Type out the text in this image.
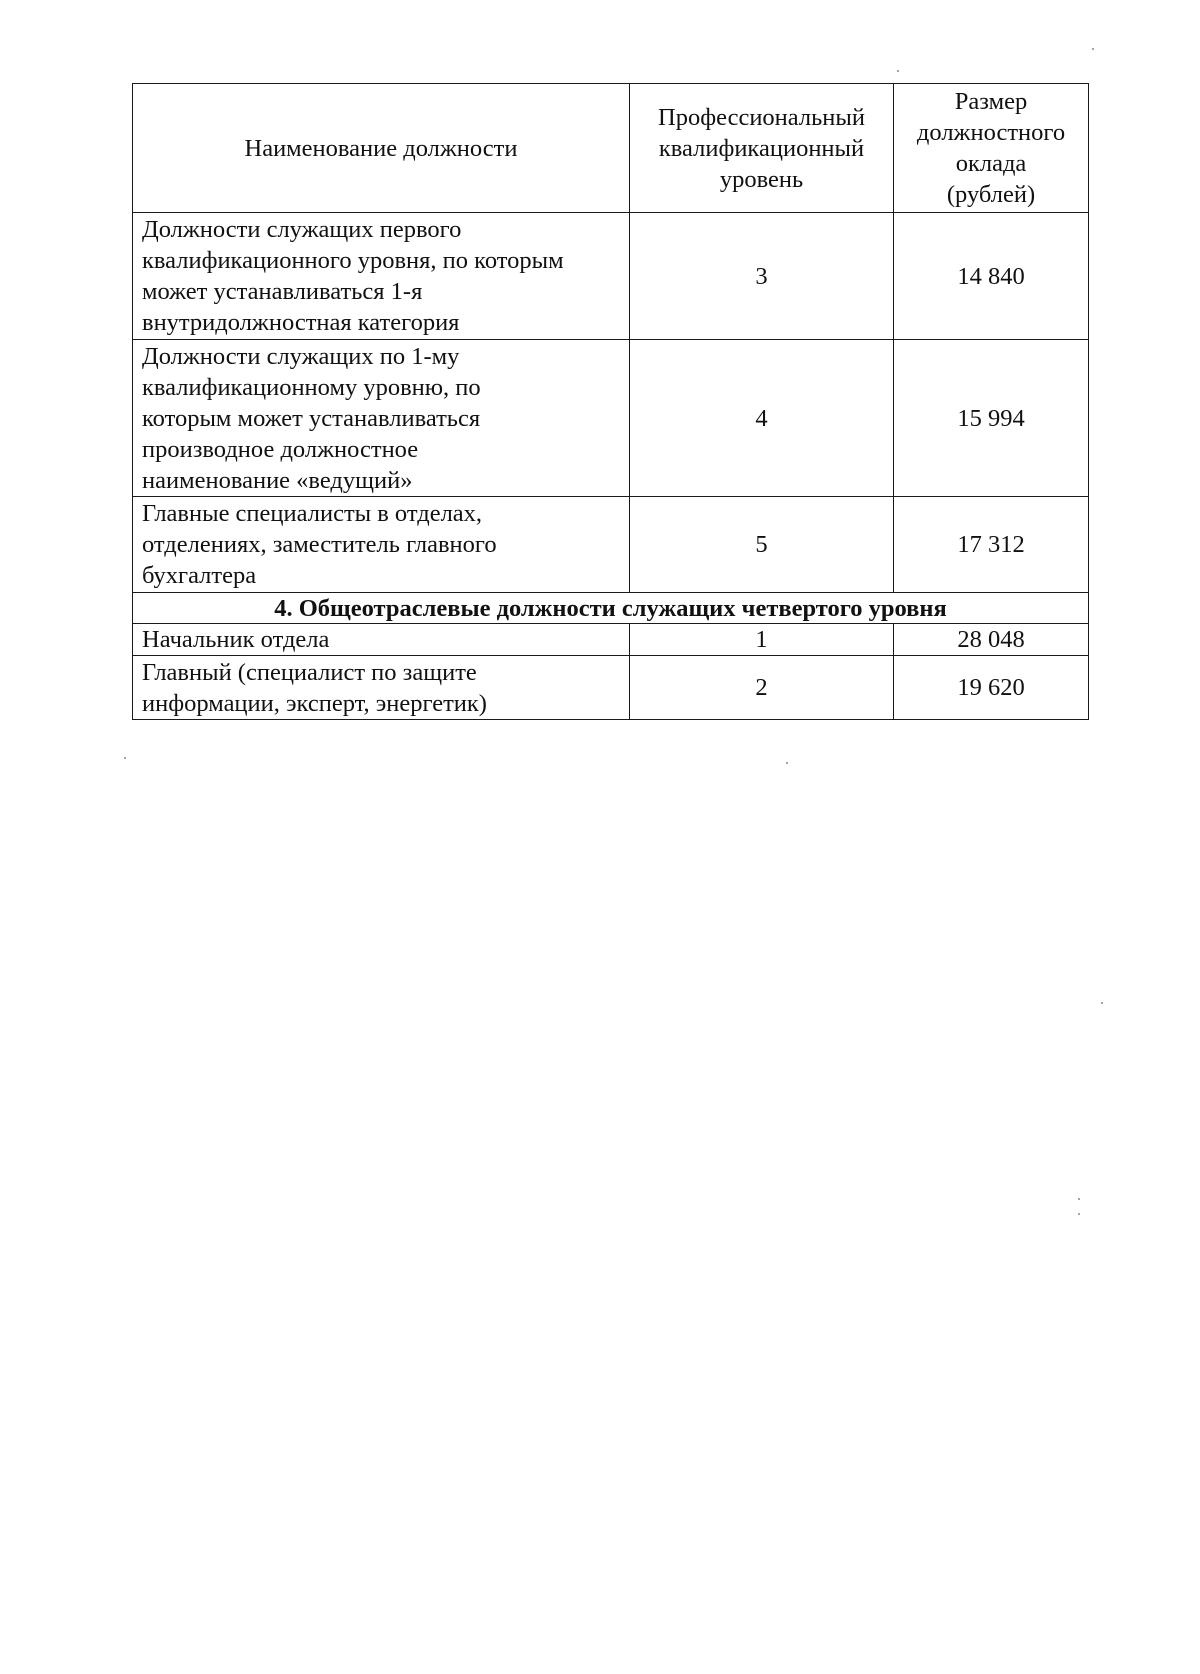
Наименование должности	Профессиональный
квалификационный
уровень	Размер
должностного
оклада
(рублей)
Должности служащих первого
квалификационного уровня, по которым
может устанавливаться 1-я
внутридолжностная категория	3	14 840
Должности служащих по 1-му
квалификационному уровню, по
которым может устанавливаться
производное должностное
наименование «ведущий»	4	15 994
Главные специалисты в отделах,
отделениях, заместитель главного
бухгалтера	5	17 312
4. Общеотраслевые должности служащих четвертого уровня		
Начальник отдела	1	28 048
Главный (специалист по защите
информации, эксперт, энергетик)	2	19 620
